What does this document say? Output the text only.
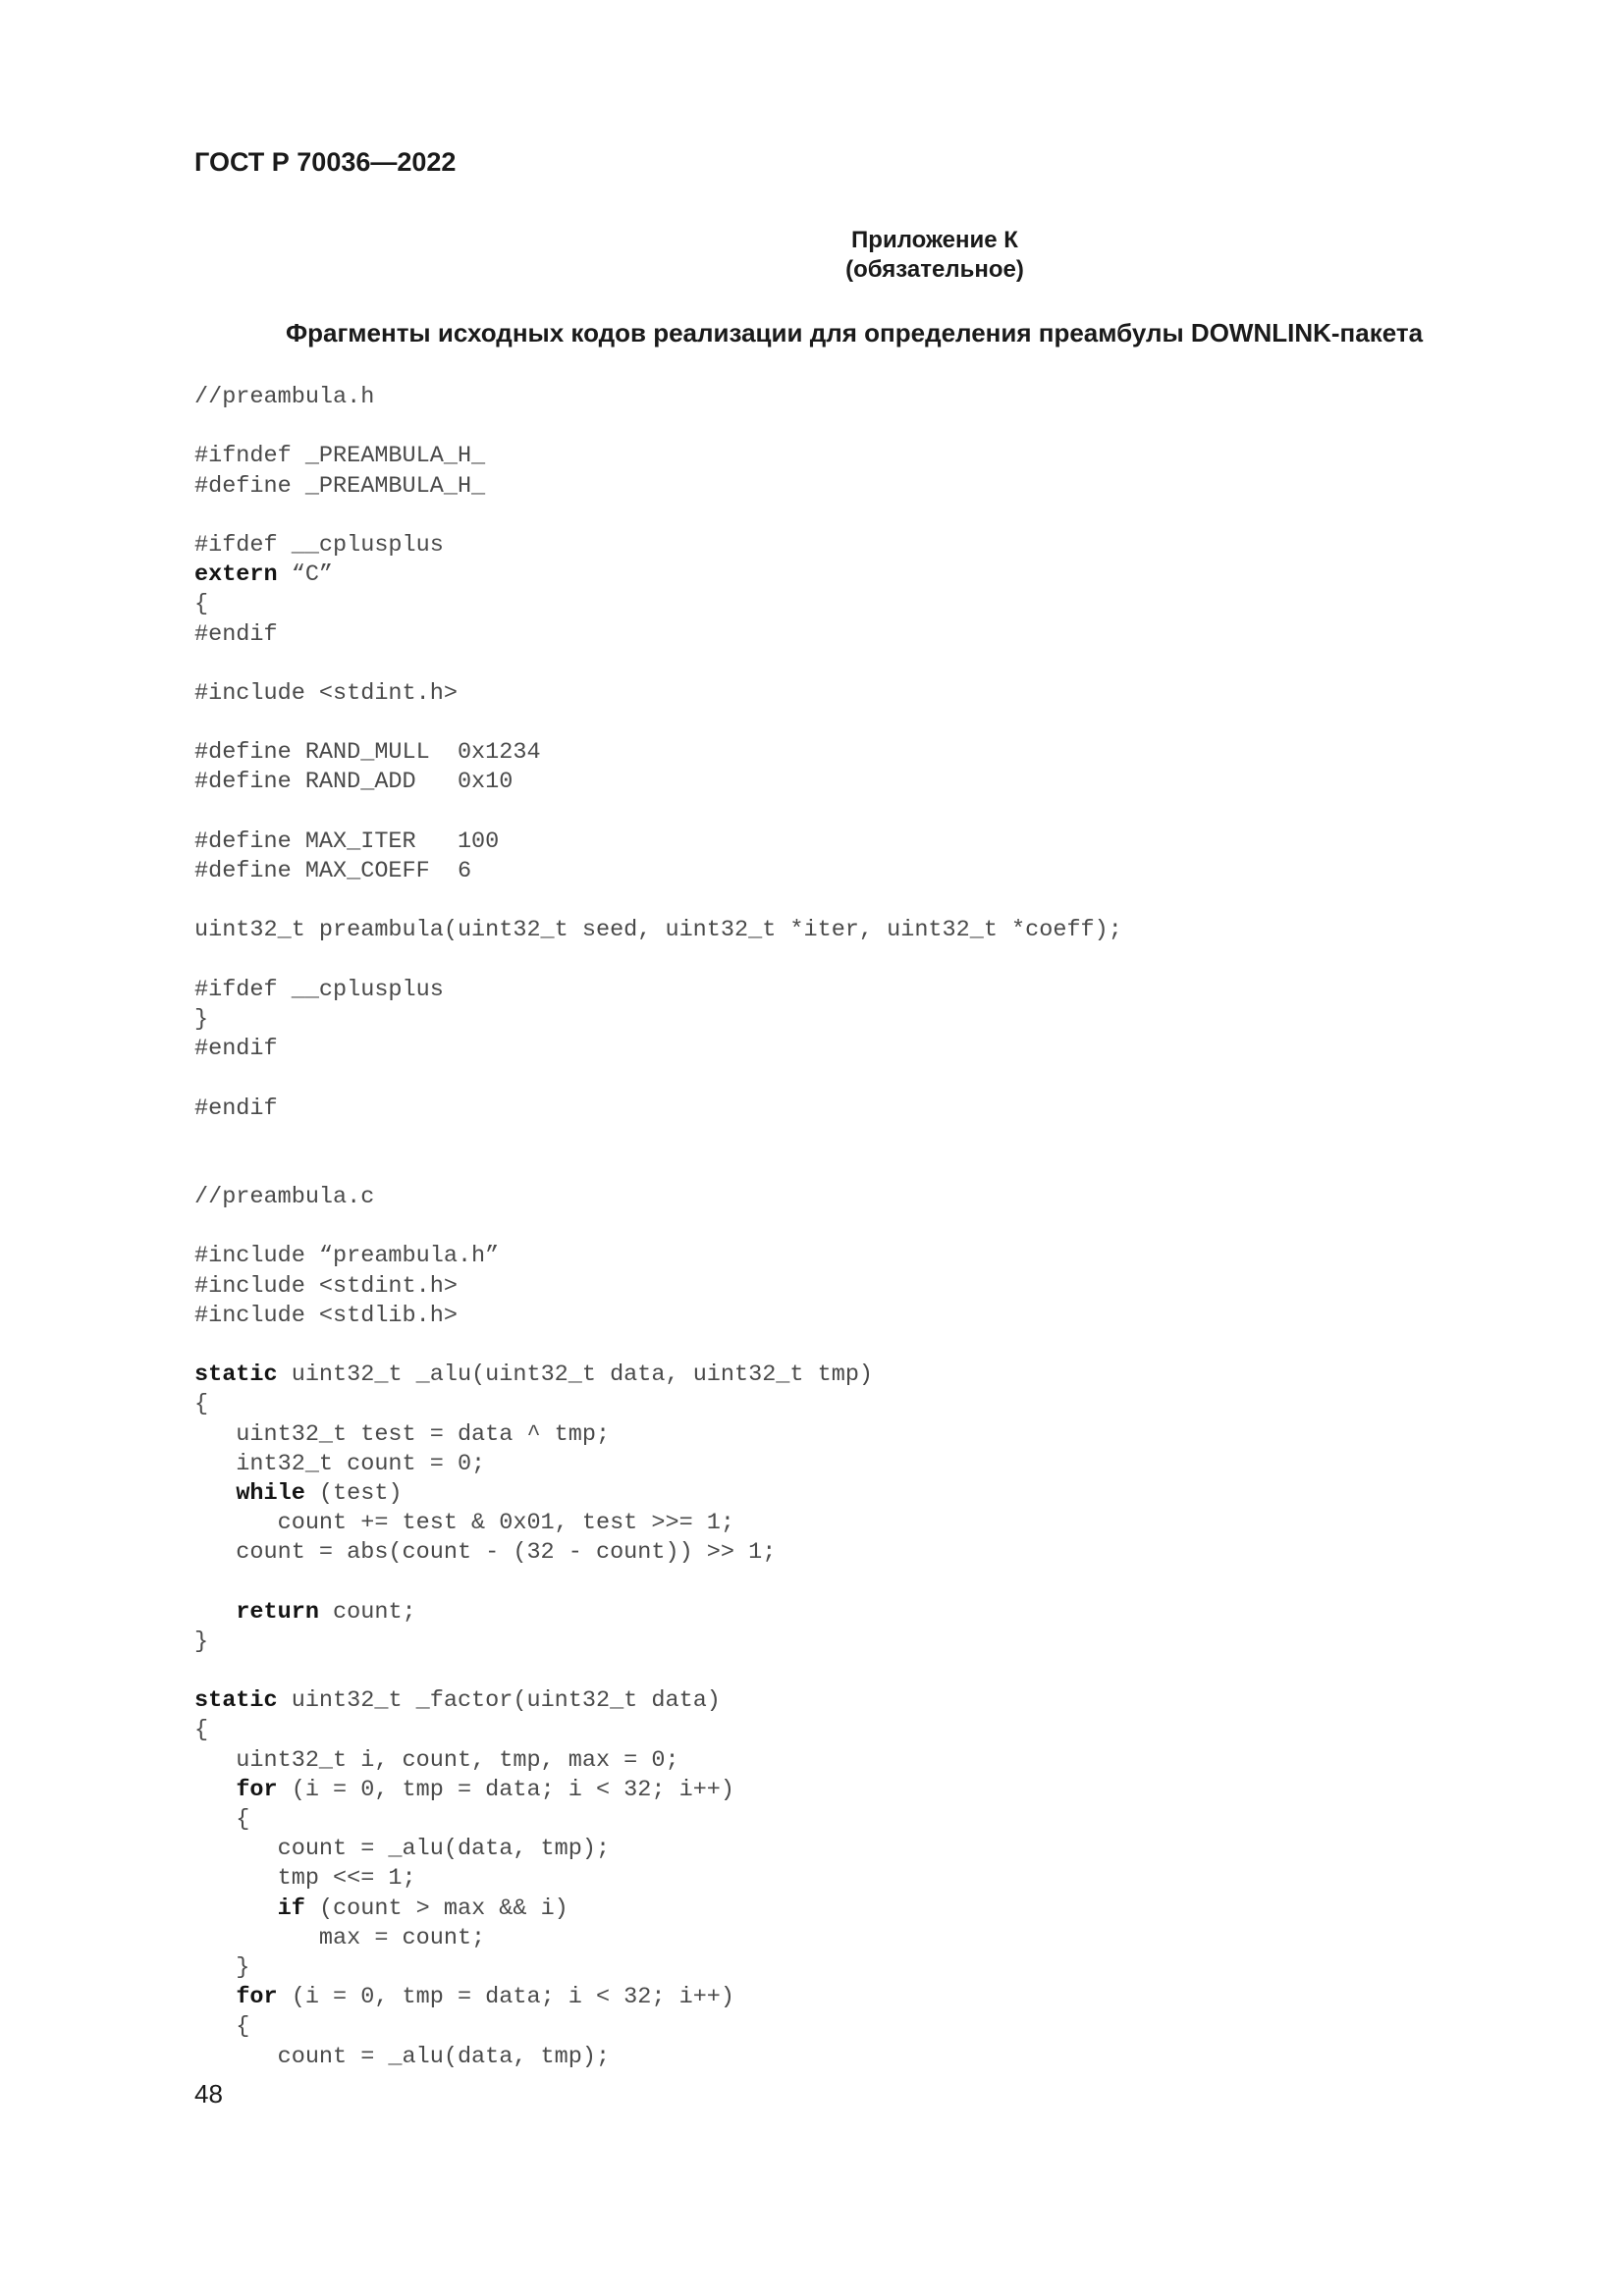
ГОСТ Р 70036—2022

Приложение К
(обязательное)
Фрагменты исходных кодов реализации для определения преамбулы DOWNLINK-пакета
//preambula.h
#ifndef _PREAMBULA_H_
#define _PREAMBULA_H_
#ifdef __cplusplus
extern “C”
{
#endif
#include <stdint.h>
#define RAND_MULL  0x1234
#define RAND_ADD   0x10
#define MAX_ITER   100
#define MAX_COEFF  6
uint32_t preambula(uint32_t seed, uint32_t *iter, uint32_t *coeff);
#ifdef __cplusplus
}
#endif
#endif
//preambula.c
#include “preambula.h”
#include <stdint.h>
#include <stdlib.h>
static uint32_t _alu(uint32_t data, uint32_t tmp)
{
uint32_t test = data ^ tmp;
int32_t count = 0;
while (test)
count += test & 0x01, test >>= 1;
count = abs(count - (32 - count)) >> 1;
return count;
}
static uint32_t _factor(uint32_t data)
{
uint32_t i, count, tmp, max = 0;
for (i = 0, tmp = data; i < 32; i++)
{
count = _alu(data, tmp);
tmp <<= 1;
if (count > max && i)
max = count;
}
for (i = 0, tmp = data; i < 32; i++)
{
count = _alu(data, tmp);

48
